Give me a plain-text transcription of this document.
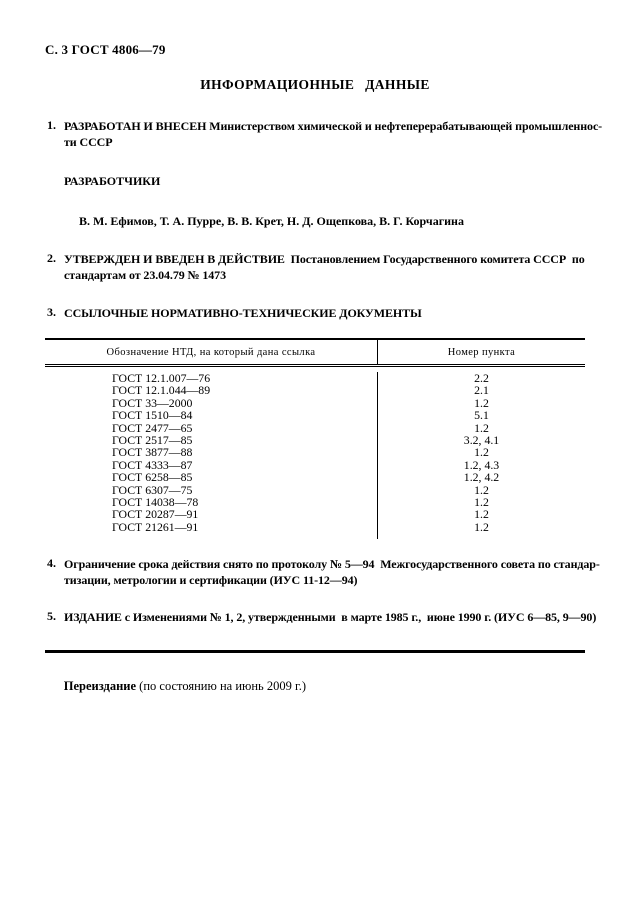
С. 3 ГОСТ 4806—79
ИНФОРМАЦИОННЫЕ ДАННЫЕ
1. РАЗРАБОТАН И ВНЕСЕН Министерством химической и нефтеперерабатывающей промышленнос-
ти СССР
РАЗРАБОТЧИКИ
В. М. Ефимов, Т. А. Пурре, В. В. Крет, Н. Д. Ощепкова, В. Г. Корчагина
2. УТВЕРЖДЕН И ВВЕДЕН В ДЕЙСТВИЕ  Постановлением Государственного комитета СССР  по
стандартам от 23.04.79 № 1473
3. ССЫЛОЧНЫЕ НОРМАТИВНО-ТЕХНИЧЕСКИЕ ДОКУМЕНТЫ
Обозначение НТД, на который дана ссылка	Номер пункта
ГОСТ 12.1.007—76	2.2
ГОСТ 12.1.044—89	2.1
ГОСТ 33—2000	1.2
ГОСТ 1510—84	5.1
ГОСТ 2477—65	1.2
ГОСТ 2517—85	3.2, 4.1
ГОСТ 3877—88	1.2
ГОСТ 4333—87	1.2, 4.3
ГОСТ 6258—85	1.2, 4.2
ГОСТ 6307—75	1.2
ГОСТ 14038—78	1.2
ГОСТ 20287—91	1.2
ГОСТ 21261—91	1.2
4. Ограничение срока действия снято по протоколу № 5—94  Межгосударственного совета по стандар-
тизации, метрологии и сертификации (ИУС 11-12—94)
5. ИЗДАНИЕ с Изменениями № 1, 2, утвержденными  в марте 1985 г.,  июне 1990 г. (ИУС 6—85, 9—90)

Переиздание (по состоянию на июнь 2009 г.)
